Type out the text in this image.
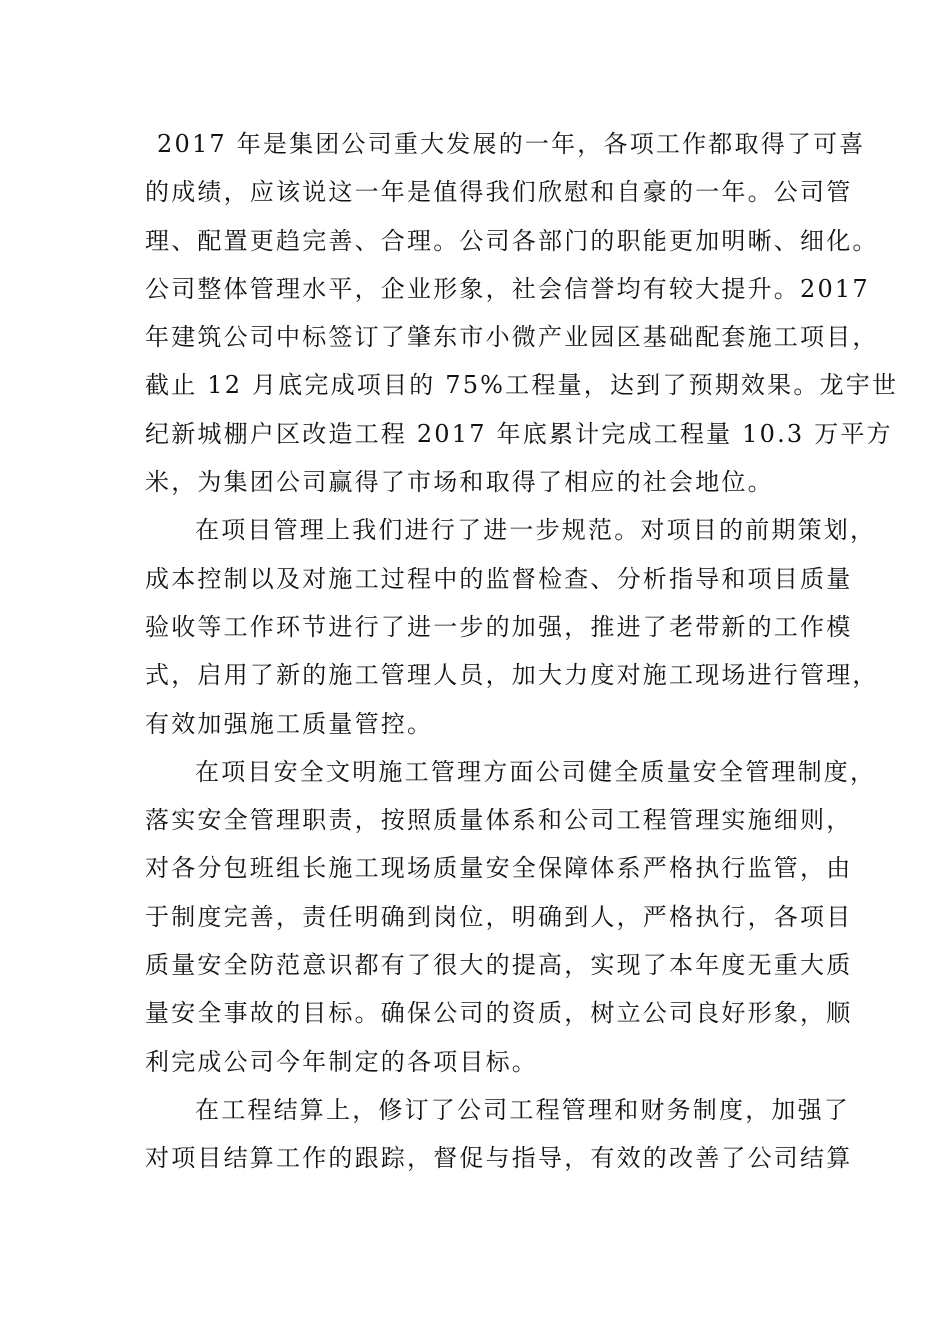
2017 年是集团公司重大发展的一年，各项工作都取得了可喜
的成绩，应该说这一年是值得我们欣慰和自豪的一年。公司管
理、配置更趋完善、合理。公司各部门的职能更加明晰、细化。
公司整体管理水平，企业形象，社会信誉均有较大提升。2017
年建筑公司中标签订了肇东市小微产业园区基础配套施工项目，
截止 12 月底完成项目的 75%工程量，达到了预期效果。龙宇世
纪新城棚户区改造工程 2017 年底累计完成工程量 10.3 万平方
米，为集团公司赢得了市场和取得了相应的社会地位。
在项目管理上我们进行了进一步规范。对项目的前期策划，
成本控制以及对施工过程中的监督检查、分析指导和项目质量
验收等工作环节进行了进一步的加强，推进了老带新的工作模
式，启用了新的施工管理人员，加大力度对施工现场进行管理，
有效加强施工质量管控。
在项目安全文明施工管理方面公司健全质量安全管理制度，
落实安全管理职责，按照质量体系和公司工程管理实施细则，
对各分包班组长施工现场质量安全保障体系严格执行监管，由
于制度完善，责任明确到岗位，明确到人，严格执行，各项目
质量安全防范意识都有了很大的提高，实现了本年度无重大质
量安全事故的目标。确保公司的资质，树立公司良好形象，顺
利完成公司今年制定的各项目标。
在工程结算上，修订了公司工程管理和财务制度，加强了
对项目结算工作的跟踪，督促与指导，有效的改善了公司结算
